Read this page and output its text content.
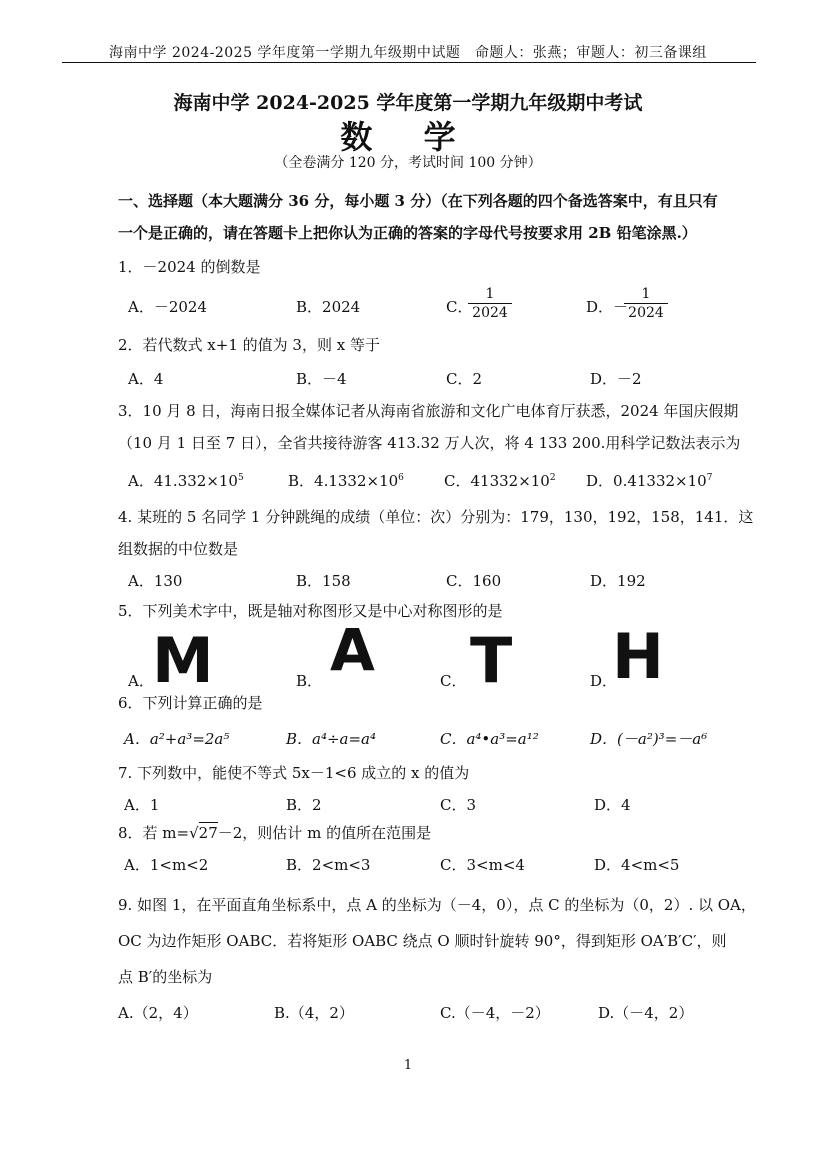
海南中学 2024-2025 学年度第一学期九年级期中试题　命题人：张燕；审题人：初三备课组
海南中学 2024-2025 学年度第一学期九年级期中考试
数 学
（全卷满分 120 分，考试时间 100 分钟）
一、选择题（本大题满分 36 分，每小题 3 分）（在下列各题的四个备选答案中，有且只有
一个是正确的，请在答题卡上把你认为正确的答案的字母代号按要求用 2B 铅笔涂黑.）
1．－2024 的倒数是
A．－2024	B．2024	C．
1
2024	D．－
1
2024
2．若代数式 x+1 的值为 3，则 x 等于
A．4	B．－4	C．2	D．－2
3．10 月 8 日，海南日报全媒体记者从海南省旅游和文化广电体育厅获悉，2024 年国庆假期
（10 月 1 日至 7 日），全省共接待游客 413.32 万人次，将 4 133 200.用科学记数法表示为
A．$41.332\times 10^5$	B．$4.1332\times 10^6$	C．$41332\times 10^2$ D．$0.41332\times 10^7$
4. 某班的 5 名同学 1 分钟跳绳的成绩（单位：次）分别为：179，130，192，158，141．这
组数据的中位数是
A．130	B．158	C．160	D．192
5．下列美术字中，既是轴对称图形又是中心对称图形的是
A．
M	B． A	C． T	D．
H
6．下列计算正确的是
A．a²+a³=2a⁵	B．a⁴÷a=a⁴	C．a⁴•a³=a¹²	D．(－a²)³=－a⁶
7. 下列数中，能使不等式 5x－1<6 成立的 x 的值为
A．1	B．2	C．3	D．4
8．若 m=√27－2，则估计 m 的值所在范围是
A．1<m<2	B．2<m<3	C．3<m<4	D．4<m<5
9. 如图 1，在平面直角坐标系中，点 A 的坐标为（－4，0），点 C 的坐标为（0，2）. 以 OA，
OC 为边作矩形 OABC．若将矩形 OABC 绕点 O 顺时针旋转 90°，得到矩形 OA′B′C′，则
点 B′的坐标为
A.（2，4）	B.（4，2）	C.（－4，－2）	D.（－4，2）
1
